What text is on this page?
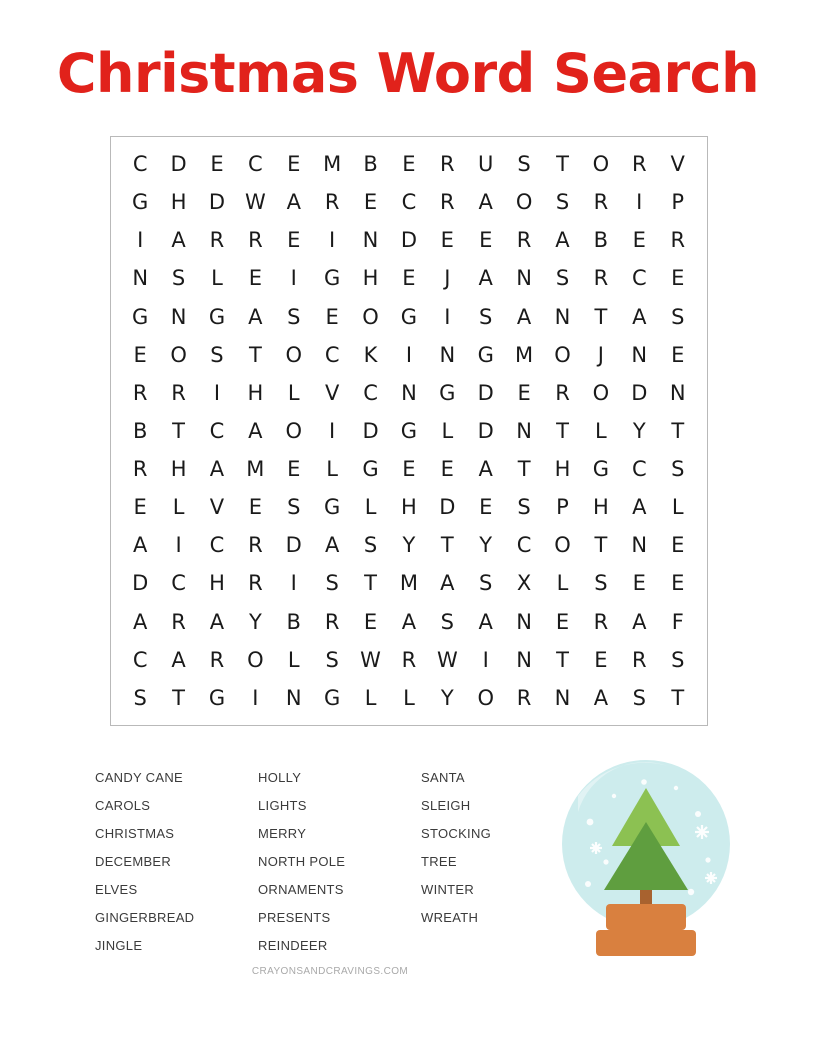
Christmas Word Search
C	D	E	C	E	M	B	E	R	U	S	T	O	R	V
G	H	D	W	A	R	E	C	R	A	O	S	R	I	P
I	A	R	R	E	I	N	D	E	E	R	A	B	E	R
N	S	L	E	I	G	H	E	J	A	N	S	R	C	E
G	N	G	A	S	E	O	G	I	S	A	N	T	A	S
E	O	S	T	O	C	K	I	N	G	M	O	J	N	E
R	R	I	H	L	V	C	N	G	D	E	R	O	D	N
B	T	C	A	O	I	D	G	L	D	N	T	L	Y	T
R	H	A	M	E	L	G	E	E	A	T	H	G	C	S
E	L	V	E	S	G	L	H	D	E	S	P	H	A	L
A	I	C	R	D	A	S	Y	T	Y	C	O	T	N	E
D	C	H	R	I	S	T	M	A	S	X	L	S	E	E
A	R	A	Y	B	R	E	A	S	A	N	E	R	A	F
C	A	R	O	L	S	W	R	W	I	N	T	E	R	S
S	T	G	I	N	G	L	L	Y	O	R	N	A	S	T
CANDY CANE
CAROLS
CHRISTMAS
DECEMBER
ELVES
GINGERBREAD
JINGLE
HOLLY
LIGHTS
MERRY
NORTH POLE
ORNAMENTS
PRESENTS
REINDEER
SANTA
SLEIGH
STOCKING
TREE
WINTER
WREATH
CRAYONSANDCRAVINGS.COM
